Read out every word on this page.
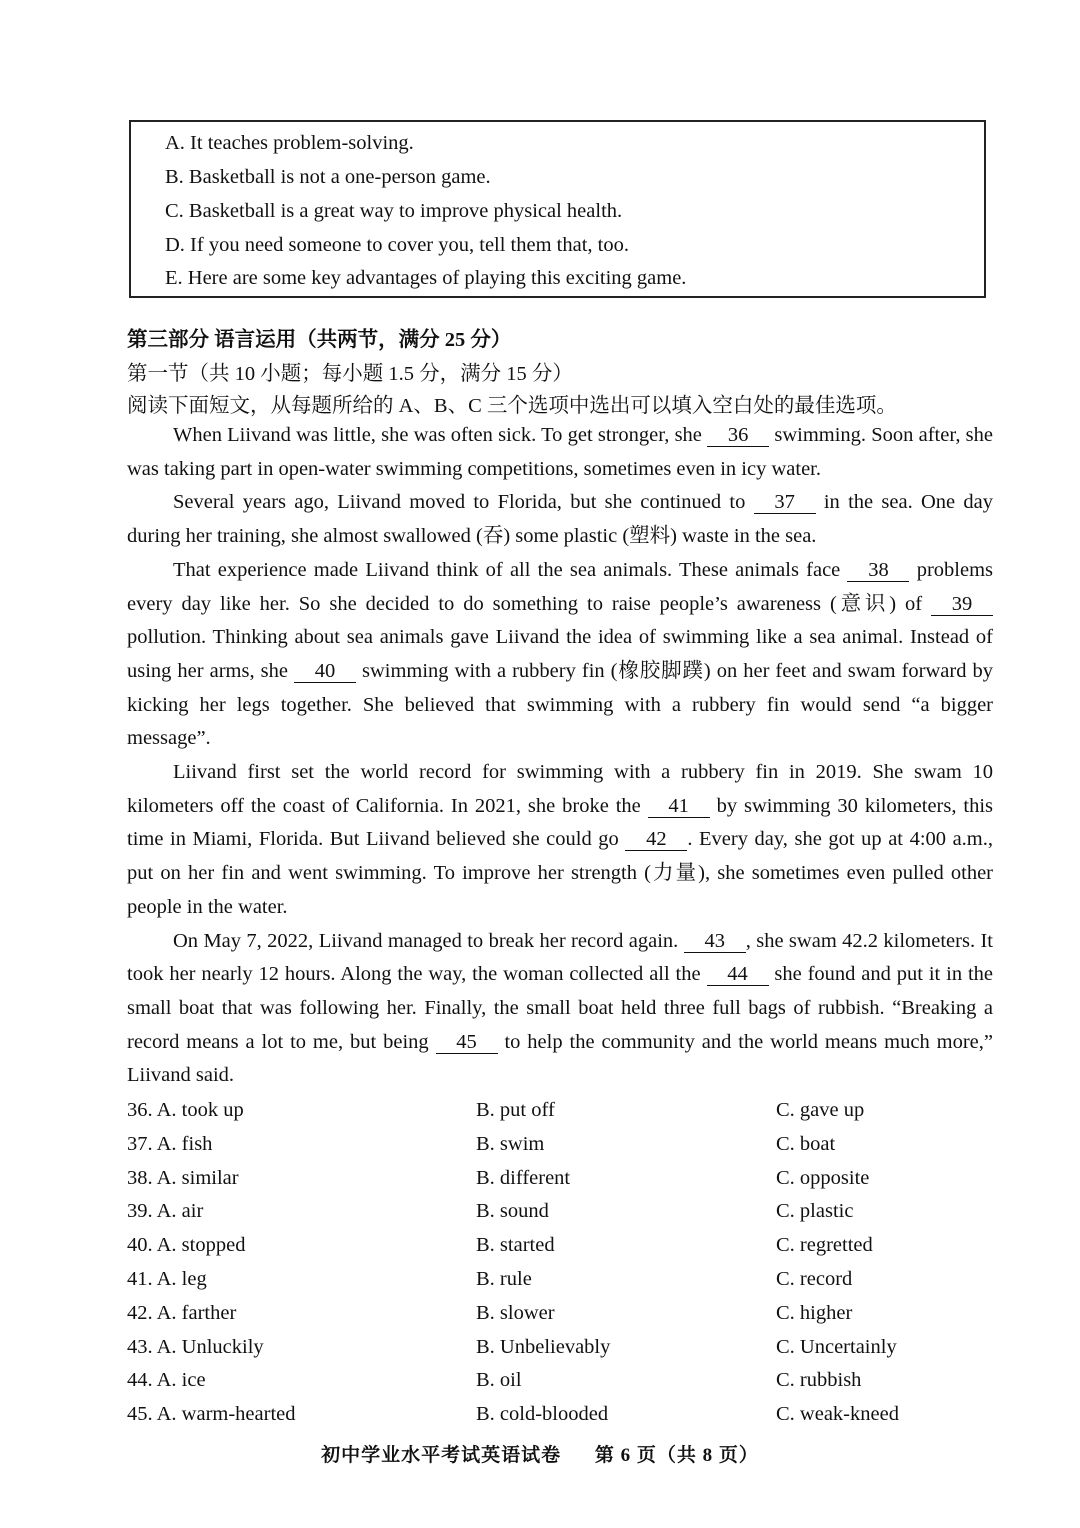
A. It teaches problem-solving.
B. Basketball is not a one-person game.
C. Basketball is a great way to improve physical health.
D. If you need someone to cover you, tell them that, too.
E. Here are some key advantages of playing this exciting game.
第三部分 语言运用（共两节，满分 25 分）
第一节（共 10 小题；每小题 1.5 分，满分 15 分）
阅读下面短文，从每题所给的 A、B、C 三个选项中选出可以填入空白处的最佳选项。

When Liivand was little, she was often sick. To get stronger, she 36 swimming. Soon after, she was taking part in open-water swimming competitions, sometimes even in icy water.

Several years ago, Liivand moved to Florida, but she continued to 37 in the sea. One day during her training, she almost swallowed (吞) some plastic (塑料) waste in the sea.

That experience made Liivand think of all the sea animals. These animals face 38 problems every day like her. So she decided to do something to raise people’s awareness (意识) of 39 pollution. Thinking about sea animals gave Liivand the idea of swimming like a sea animal. Instead of using her arms, she 40 swimming with a rubbery fin (橡胶脚蹼) on her feet and swam forward by kicking her legs together. She believed that swimming with a rubbery fin would send “a bigger message”.

Liivand first set the world record for swimming with a rubbery fin in 2019. She swam 10 kilometers off the coast of California. In 2021, she broke the 41 by swimming 30 kilometers, this time in Miami, Florida. But Liivand believed she could go 42 . Every day, she got up at 4:00 a.m., put on her fin and went swimming. To improve her strength (力量), she sometimes even pulled other people in the water.

On May 7, 2022, Liivand managed to break her record again. 43 , she swam 42.2 kilometers. It took her nearly 12 hours. Along the way, the woman collected all the 44 she found and put it in the small boat that was following her. Finally, the small boat held three full bags of rubbish. “Breaking a record means a lot to me, but being 45 to help the community and the world means much more,” Liivand said.

36. A. took up	B. put off	C. gave up
37. A. fish	B. swim	C. boat
38. A. similar	B. different	C. opposite
39. A. air	B. sound	C. plastic
40. A. stopped	B. started	C. regretted
41. A. leg	B. rule	C. record
42. A. farther	B. slower	C. higher
43. A. Unluckily	B. Unbelievably	C. Uncertainly
44. A. ice	B. oil	C. rubbish
45. A. warm-hearted	B. cold-blooded	C. weak-kneed
初中学业水平考试英语试卷 第 6 页（共 8 页）
